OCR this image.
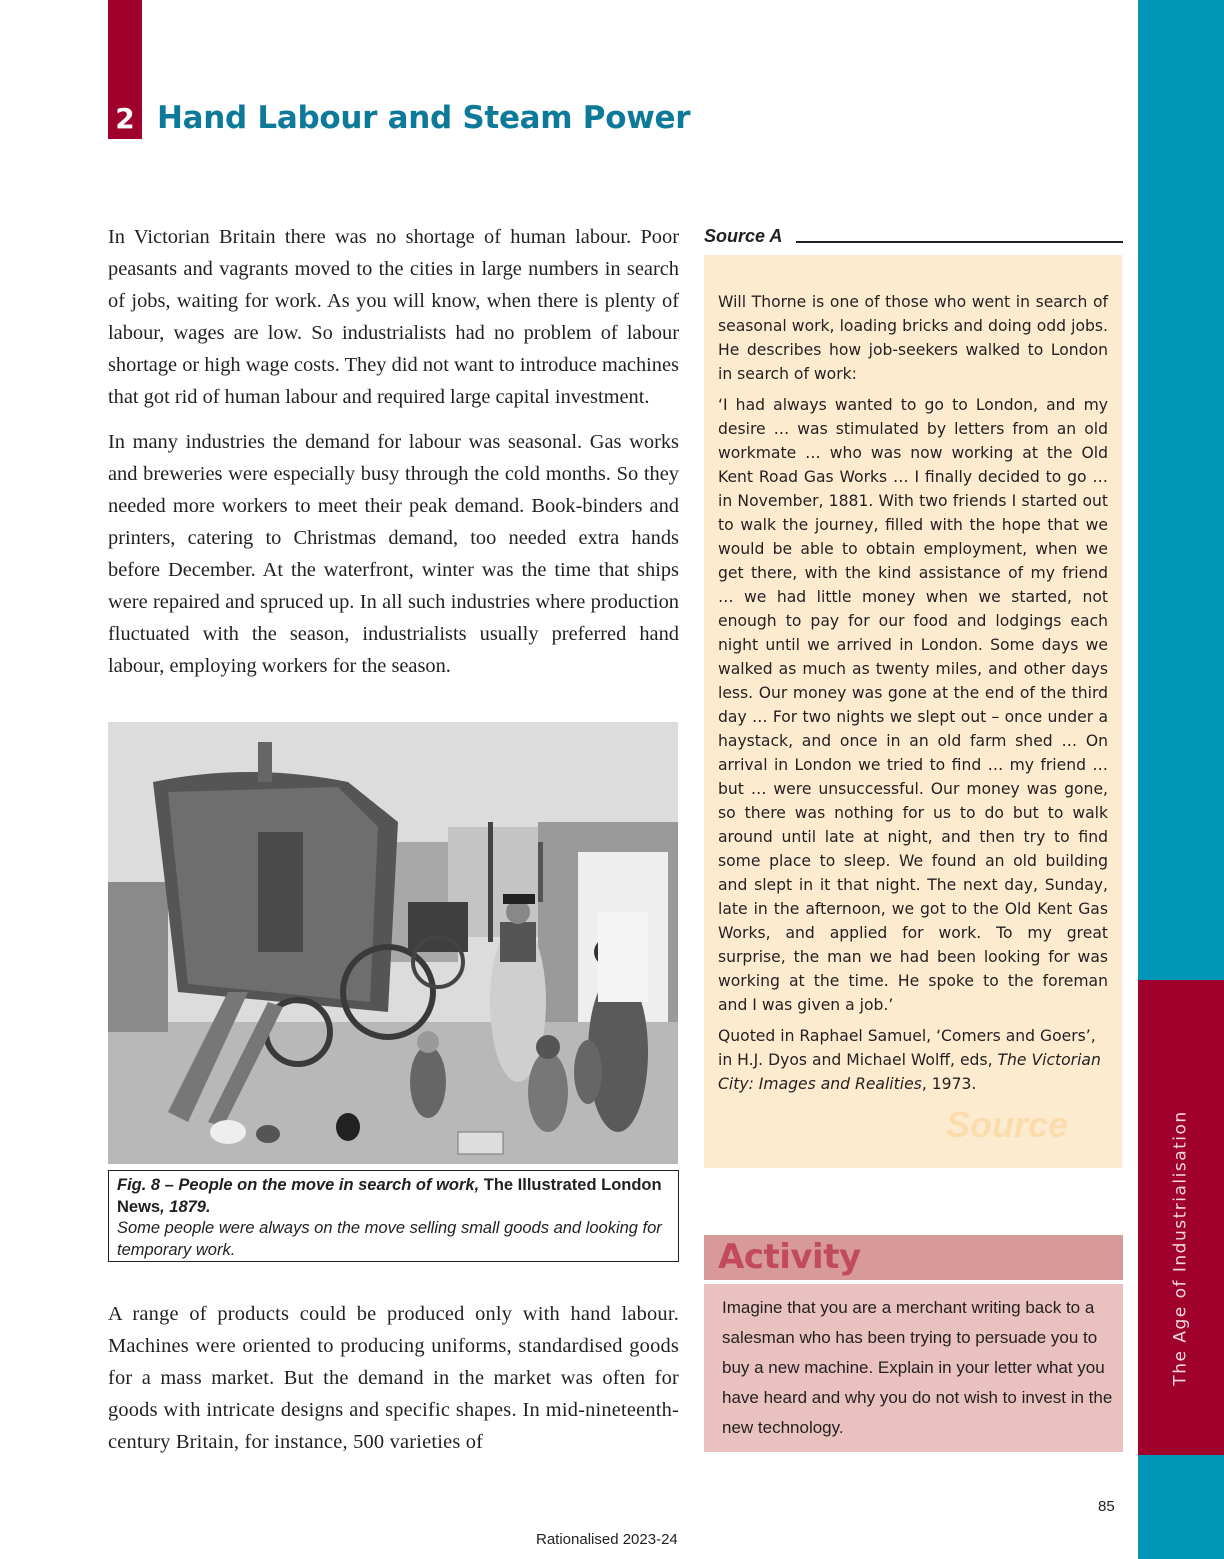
The Age of Industrialisation
2 Hand Labour and Steam Power

In Victorian Britain there was no shortage of human labour. Poor peasants and vagrants moved to the cities in large numbers in search of jobs, waiting for work. As you will know, when there is plenty of labour, wages are low. So industrialists had no problem of labour shortage or high wage costs. They did not want to introduce machines that got rid of human labour and required large capital investment.

In many industries the demand for labour was seasonal. Gas works and breweries were especially busy through the cold months. So they needed more workers to meet their peak demand. Book-binders and printers, catering to Christmas demand, too needed extra hands before December. At the waterfront, winter was the time that ships were repaired and spruced up. In all such industries where production fluctuated with the season, industrialists usually preferred hand labour, employing workers for the season.

Fig. 8 – People on the move in search of work, The Illustrated London News, 1879.
Some people were always on the move selling small goods and looking for temporary work.

A range of products could be produced only with hand labour. Machines were oriented to producing uniforms, standardised goods for a mass market. But the demand in the market was often for goods with intricate designs and specific shapes. In mid-nineteenth-century Britain, for instance, 500 varieties of

Source A

Will Thorne is one of those who went in search of seasonal work, loading bricks and doing odd jobs. He describes how job-seekers walked to London in search of work:

‘I had always wanted to go to London, and my desire … was stimulated by letters from an old workmate … who was now working at the Old Kent Road Gas Works … I finally decided to go … in November, 1881. With two friends I started out to walk the journey, filled with the hope that we would be able to obtain employment, when we get there, with the kind assistance of my friend … we had little money when we started, not enough to pay for our food and lodgings each night until we arrived in London. Some days we walked as much as twenty miles, and other days less. Our money was gone at the end of the third day … For two nights we slept out – once under a haystack, and once in an old farm shed … On arrival in London we tried to find … my friend … but … were unsuccessful. Our money was gone, so there was nothing for us to do but to walk around until late at night, and then try to find some place to sleep. We found an old building and slept in it that night. The next day, Sunday, late in the afternoon, we got to the Old Kent Gas Works, and applied for work. To my great surprise, the man we had been looking for was working at the time. He spoke to the foreman and I was given a job.’

Quoted in Raphael Samuel, ‘Comers and Goers’, in H.J. Dyos and Michael Wolff, eds, The Victorian City: Images and Realities, 1973.

Source
Activity
Imagine that you are a merchant writing back to a salesman who has been trying to persuade you to buy a new machine. Explain in your letter what you have heard and why you do not wish to invest in the new technology.
85
Rationalised 2023-24
